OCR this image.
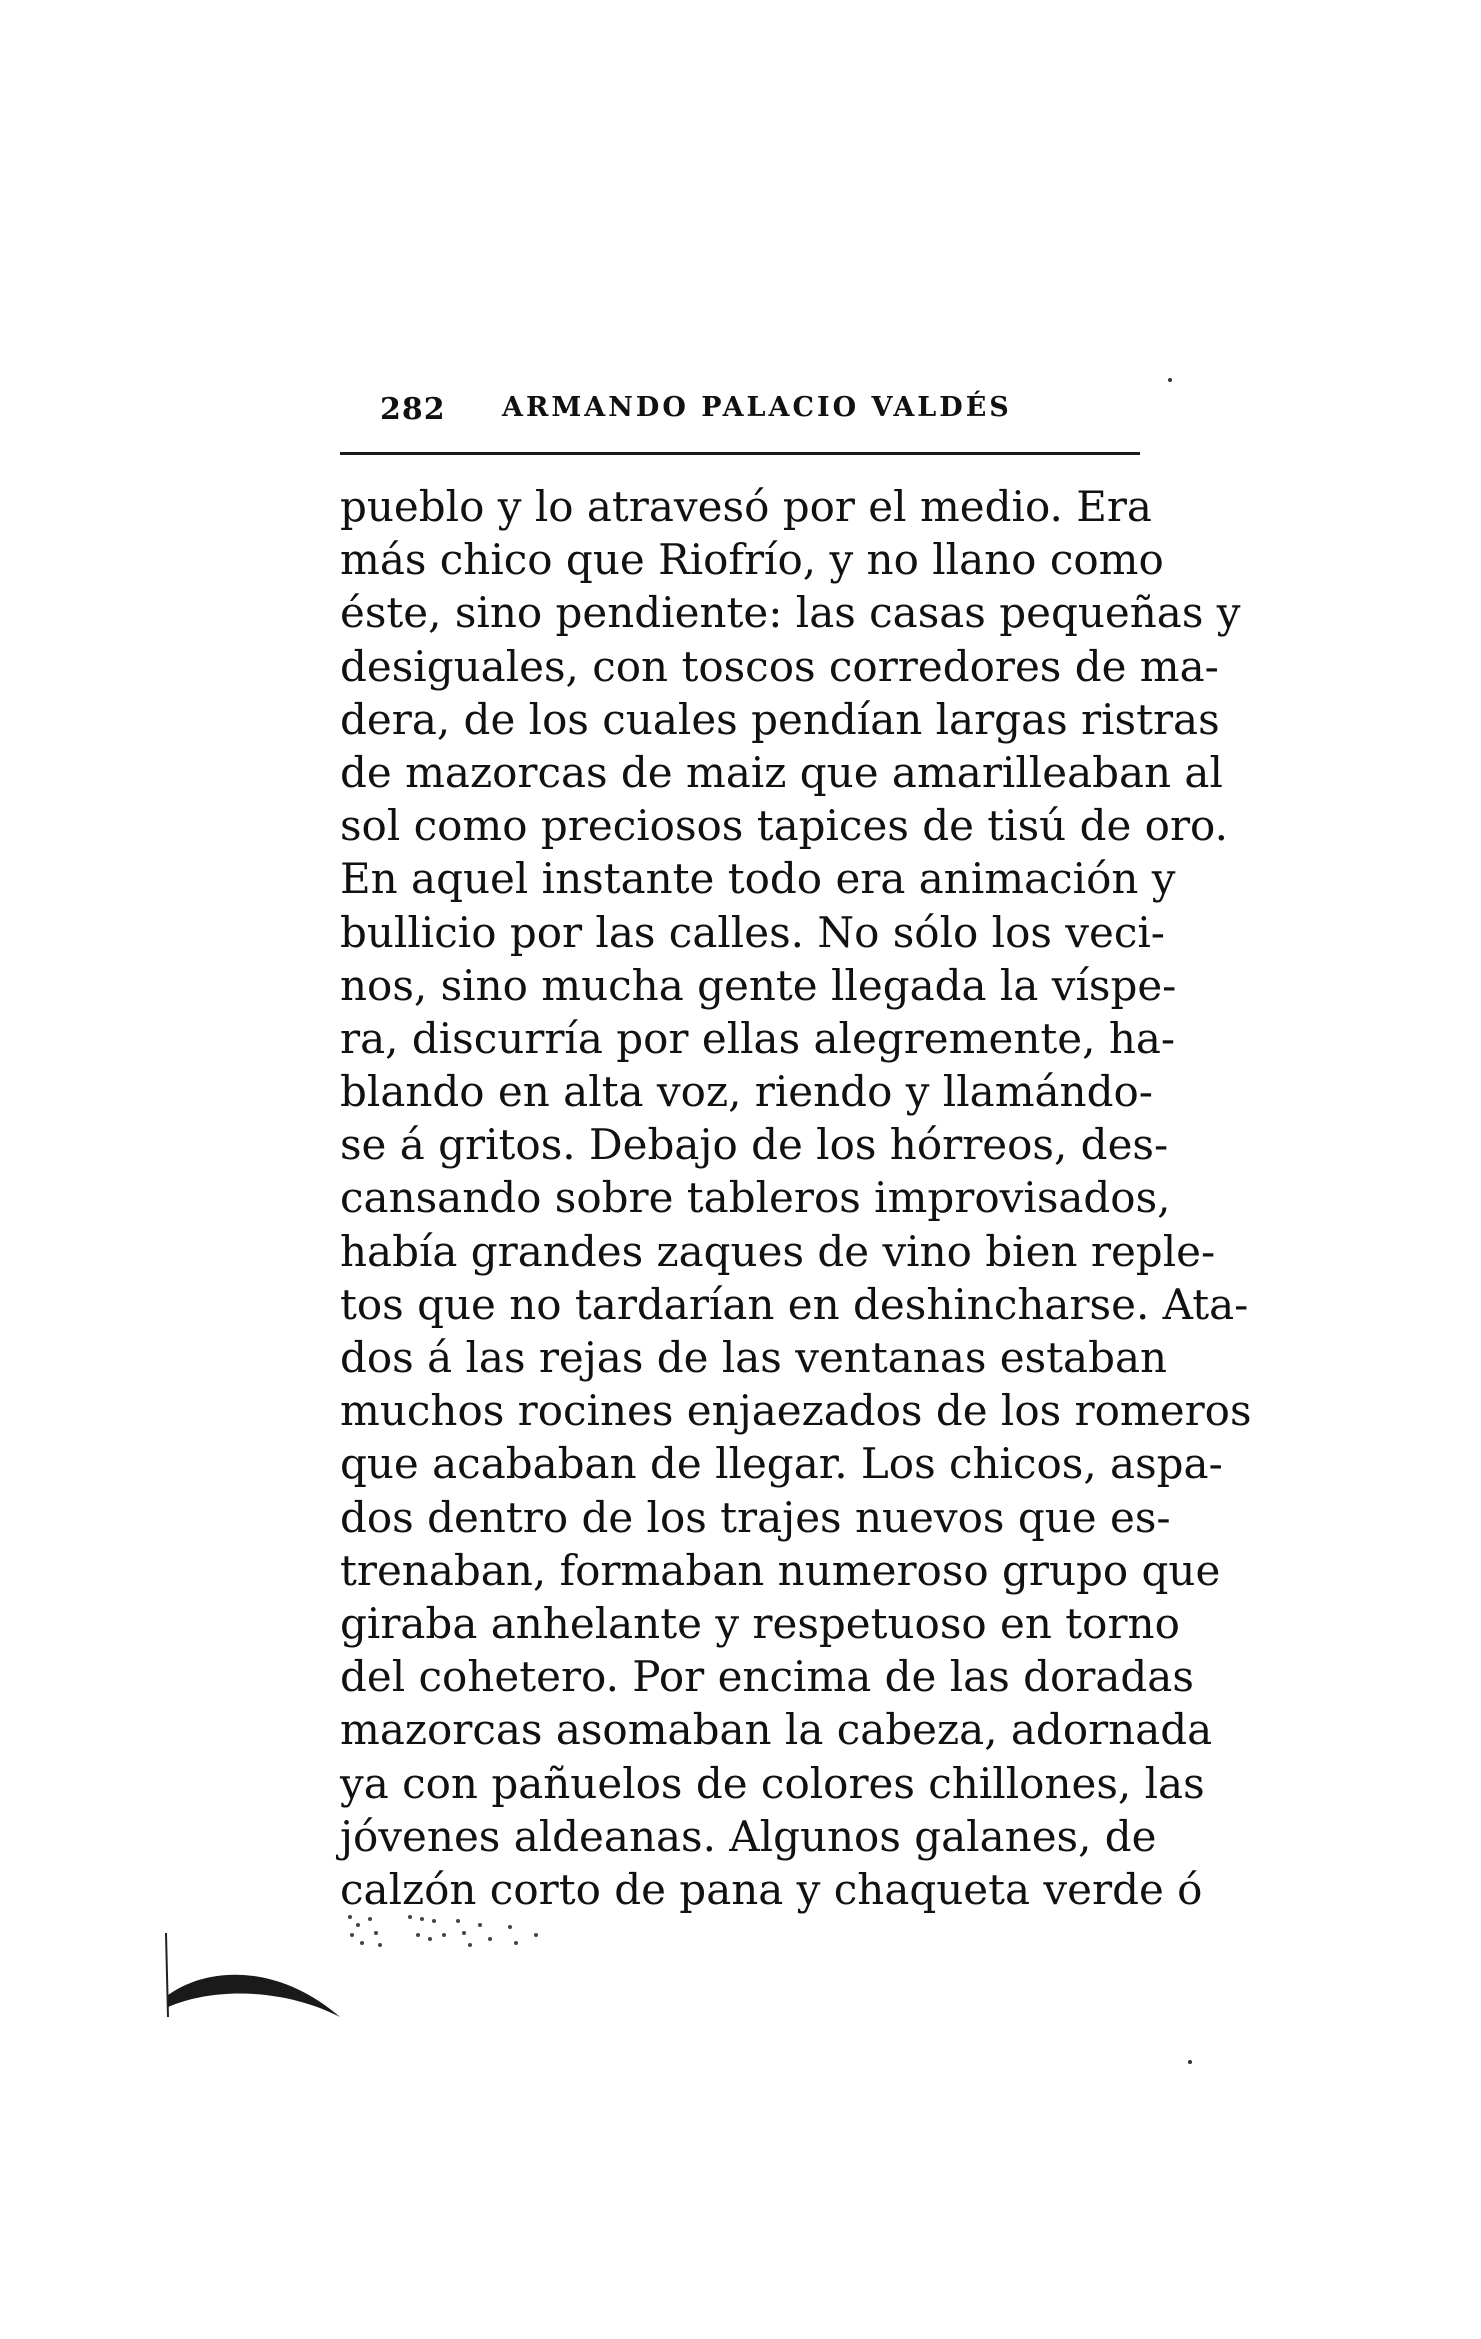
282 ARMANDO PALACIO VALDÉS
pueblo y lo atravesó por el medio. Era
más chico que Riofrío, y no llano como
éste, sino pendiente: las casas pequeñas y
desiguales, con toscos corredores de ma-
dera, de los cuales pendían largas ristras
de mazorcas de maiz que amarilleaban al
sol como preciosos tapices de tisú de oro.
En aquel instante todo era animación y
bullicio por las calles. No sólo los veci-
nos, sino mucha gente llegada la víspe-
ra, discurría por ellas alegremente, ha-
blando en alta voz, riendo y llamándo-
se á gritos. Debajo de los hórreos, des-
cansando sobre tableros improvisados,
había grandes zaques de vino bien reple-
tos que no tardarían en deshincharse. Ata-
dos á las rejas de las ventanas estaban
muchos rocines enjaezados de los romeros
que acababan de llegar. Los chicos, aspa-
dos dentro de los trajes nuevos que es-
trenaban, formaban numeroso grupo que
giraba anhelante y respetuoso en torno
del cohetero. Por encima de las doradas
mazorcas asomaban la cabeza, adornada
ya con pañuelos de colores chillones, las
jóvenes aldeanas. Algunos galanes, de
calzón corto de pana y chaqueta verde ó
